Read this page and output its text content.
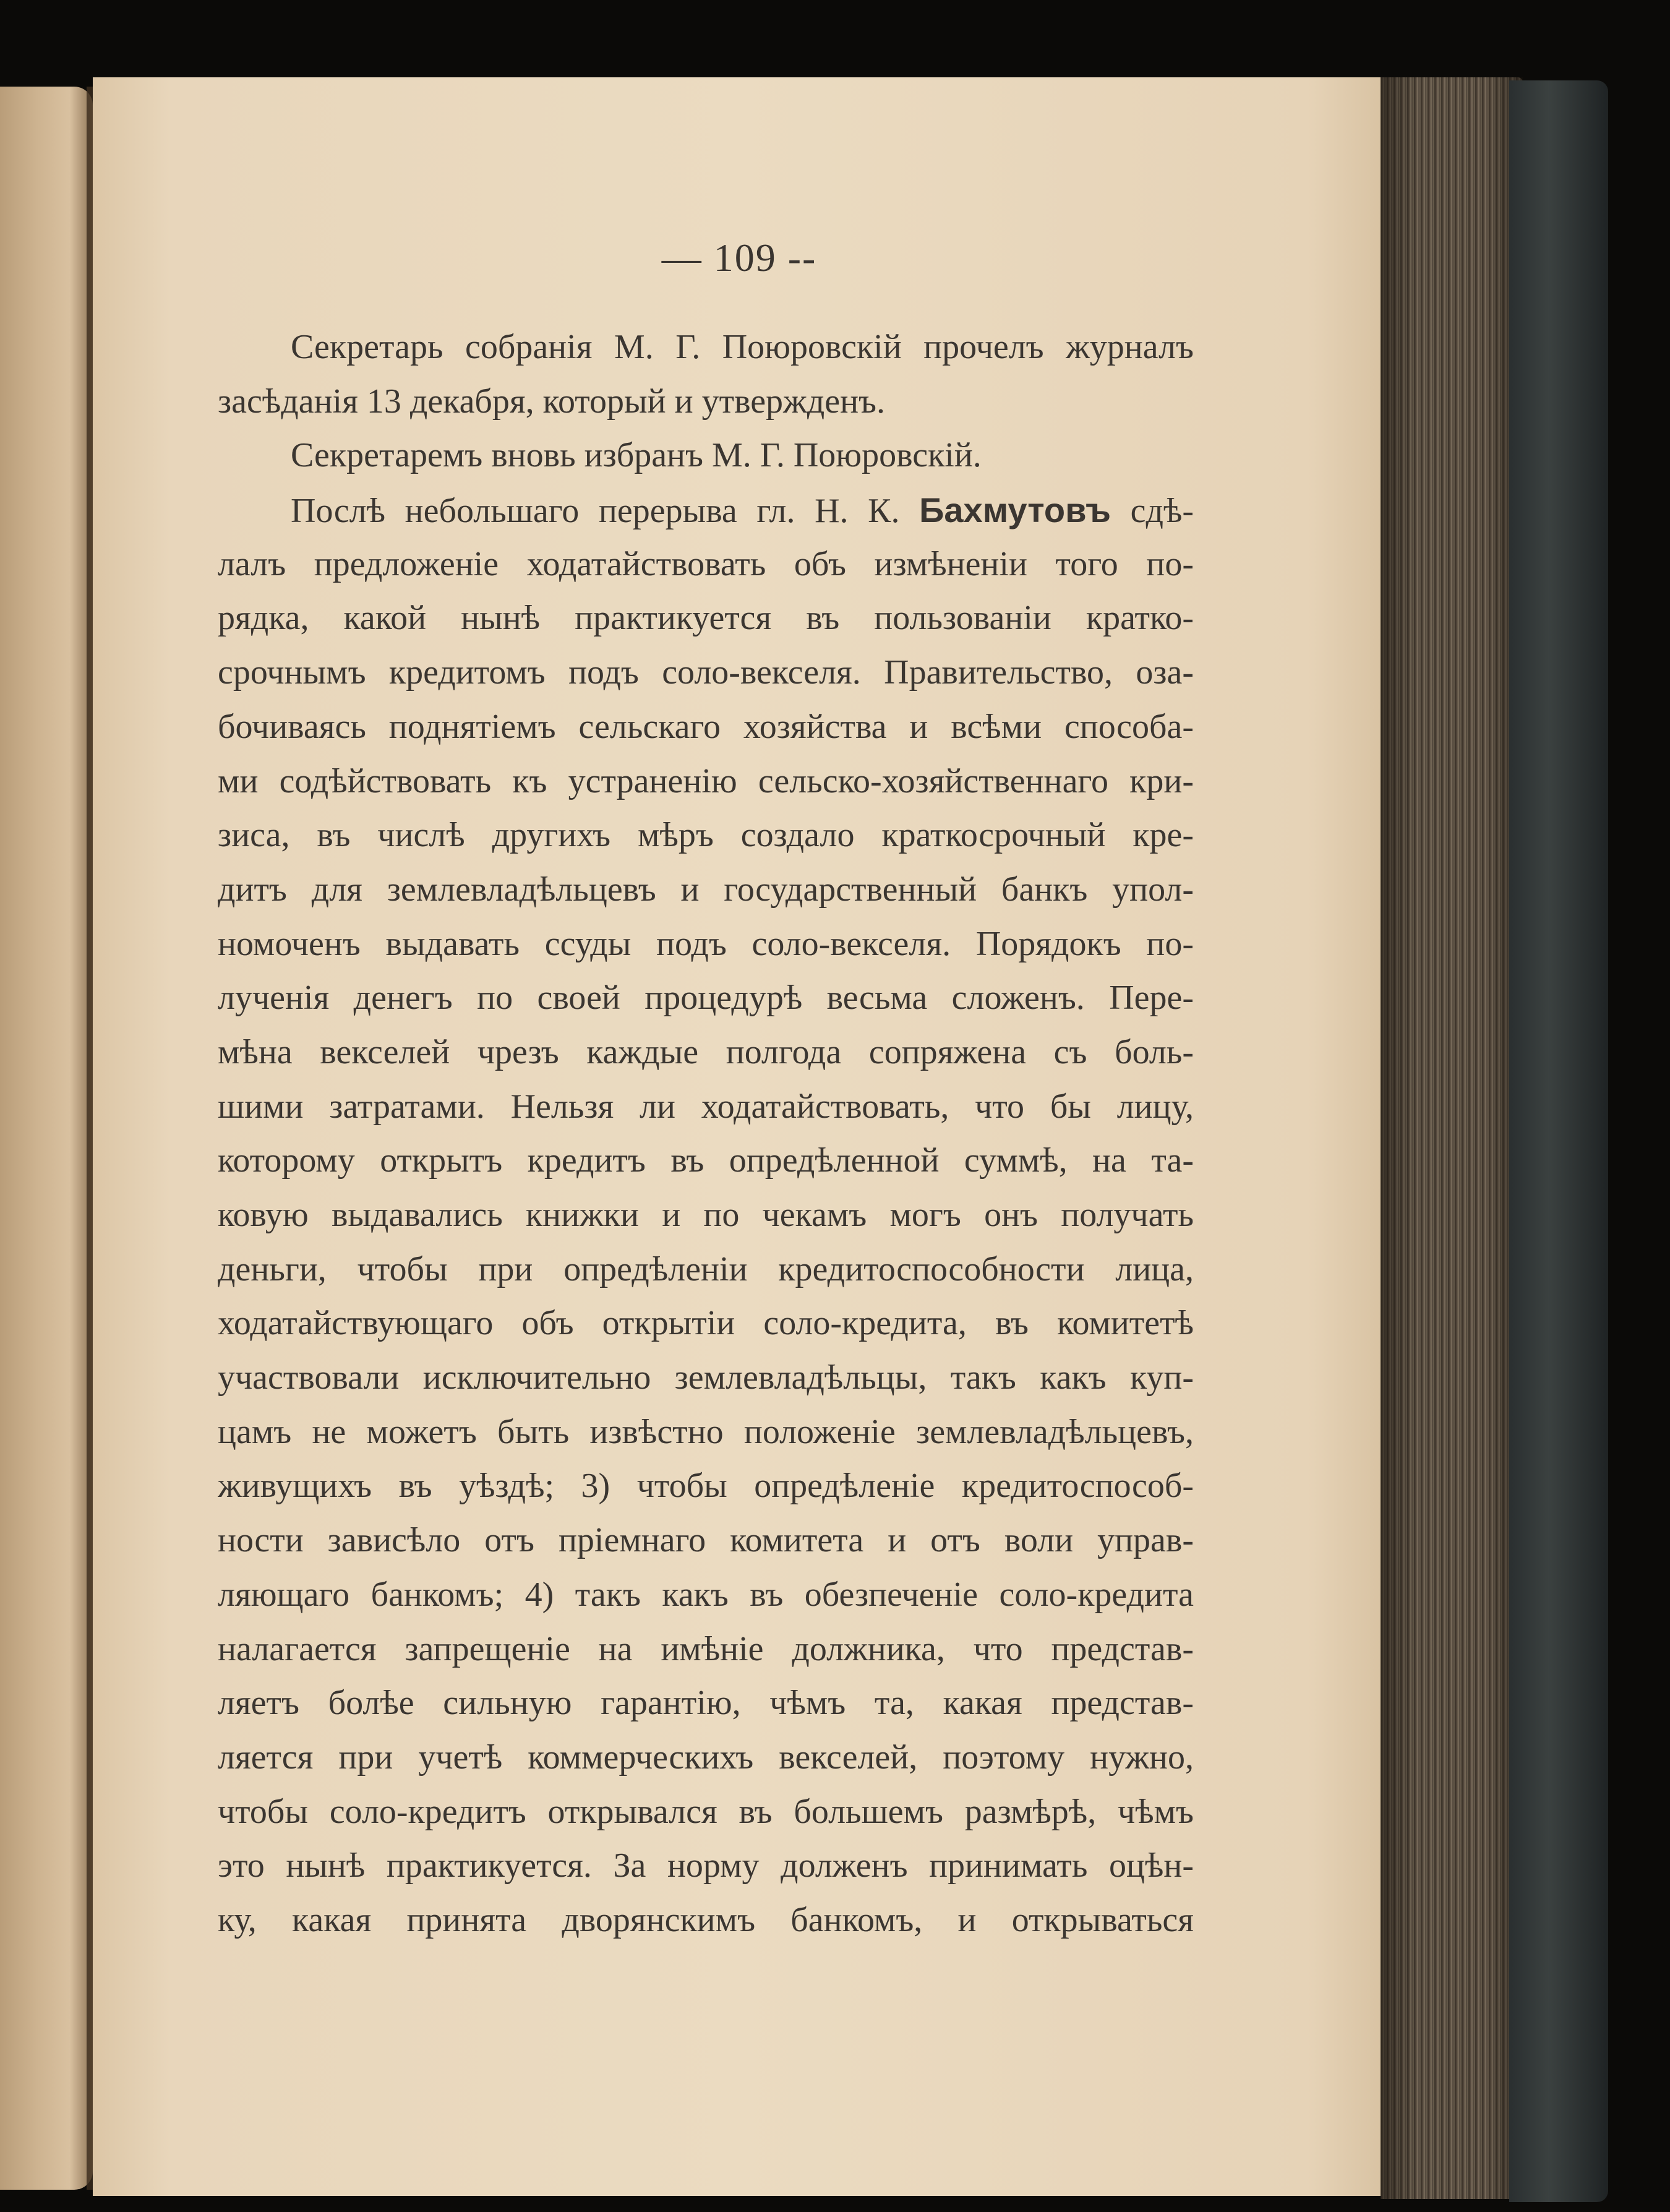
— 109 --
Секретарь собранія М. Г. Поюровскій прочелъ журналъ
засѣданія 13 декабря, который и утвержденъ.
Секретаремъ вновь избранъ М. Г. Поюровскій.
Послѣ небольшаго перерыва гл. Н. К. Бахмутовъ сдѣ-
лалъ предложеніе ходатайствовать объ измѣненіи того по-
рядка, какой нынѣ практикуется въ пользованіи кратко-
срочнымъ кредитомъ подъ соло-векселя. Правительство, оза-
бочиваясь поднятіемъ сельскаго хозяйства и всѣми способа-
ми содѣйствовать къ устраненію сельско-хозяйственнаго кри-
зиса, въ числѣ другихъ мѣръ создало краткосрочный кре-
дитъ для землевладѣльцевъ и государственный банкъ упол-
номоченъ выдавать ссуды подъ соло-векселя. Порядокъ по-
лученія денегъ по своей процедурѣ весьма сложенъ. Пере-
мѣна векселей чрезъ каждые полгода сопряжена съ боль-
шими затратами. Нельзя ли ходатайствовать, что бы лицу,
которому открытъ кредитъ въ опредѣленной суммѣ, на та-
ковую выдавались книжки и по чекамъ могъ онъ получать
деньги, чтобы при опредѣленіи кредитоспособности лица,
ходатайствующаго объ открытіи соло-кредита, въ комитетѣ
участвовали исключительно землевладѣльцы, такъ какъ куп-
цамъ не можетъ быть извѣстно положеніе землевладѣльцевъ,
живущихъ въ уѣздѣ; 3) чтобы опредѣленіе кредитоспособ-
ности зависѣло отъ пріемнаго комитета и отъ воли управ-
ляющаго банкомъ; 4) такъ какъ въ обезпеченіе соло-кредита
налагается запрещеніе на имѣніе должника, что представ-
ляетъ болѣе сильную гарантію, чѣмъ та, какая представ-
ляется при учетѣ коммерческихъ векселей, поэтому нужно,
чтобы соло-кредитъ открывался въ большемъ размѣрѣ, чѣмъ
это нынѣ практикуется. За норму долженъ принимать оцѣн-
ку, какая принята дворянскимъ банкомъ, и открываться
